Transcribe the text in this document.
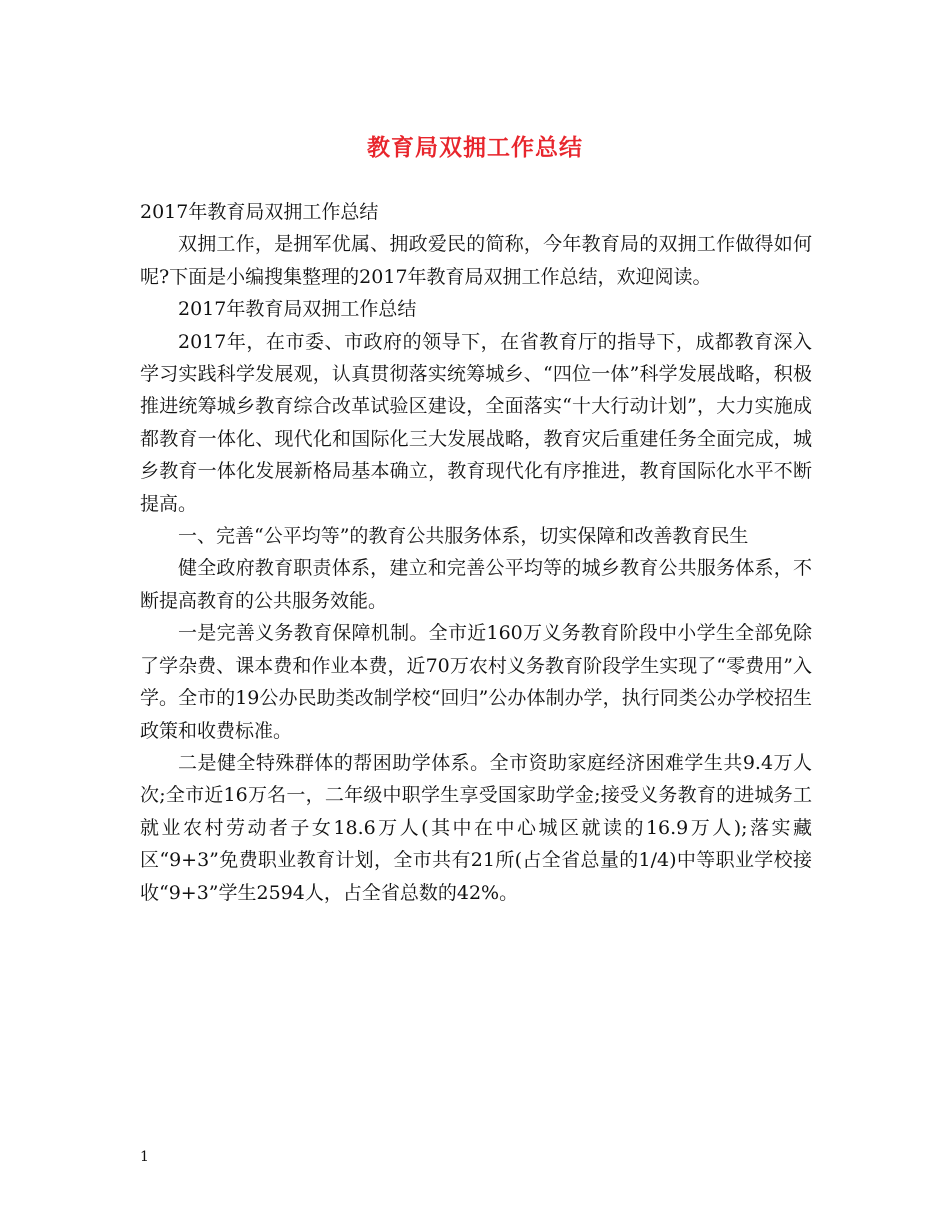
教育局双拥工作总结

2017年教育局双拥工作总结

双拥工作，是拥军优属、拥政爱民的简称，今年教育局的双拥工作做得如何呢?下面是小编搜集整理的2017年教育局双拥工作总结，欢迎阅读。

2017年教育局双拥工作总结

2017年，在市委、市政府的领导下，在省教育厅的指导下，成都教育深入学习实践科学发展观，认真贯彻落实统筹城乡、“四位一体”科学发展战略，积极推进统筹城乡教育综合改革试验区建设，全面落实“十大行动计划”，大力实施成都教育一体化、现代化和国际化三大发展战略，教育灾后重建任务全面完成，城乡教育一体化发展新格局基本确立，教育现代化有序推进，教育国际化水平不断提高。

一、完善“公平均等”的教育公共服务体系，切实保障和改善教育民生

健全政府教育职责体系，建立和完善公平均等的城乡教育公共服务体系，不断提高教育的公共服务效能。

一是完善义务教育保障机制。全市近160万义务教育阶段中小学生全部免除了学杂费、课本费和作业本费，近70万农村义务教育阶段学生实现了“零费用”入学。全市的19公办民助类改制学校“回归”公办体制办学，执行同类公办学校招生政策和收费标准。

二是健全特殊群体的帮困助学体系。全市资助家庭经济困难学生共9.4万人次;全市近16万名一，二年级中职学生享受国家助学金;接受义务教育的进城务工就业农村劳动者子女18.6万人(其中在中心城区就读的16.9万人);落实藏区“9+3”免费职业教育计划，全市共有21所(占全省总量的1/4)中等职业学校接收“9+3”学生2594人，占全省总数的42%。

1
